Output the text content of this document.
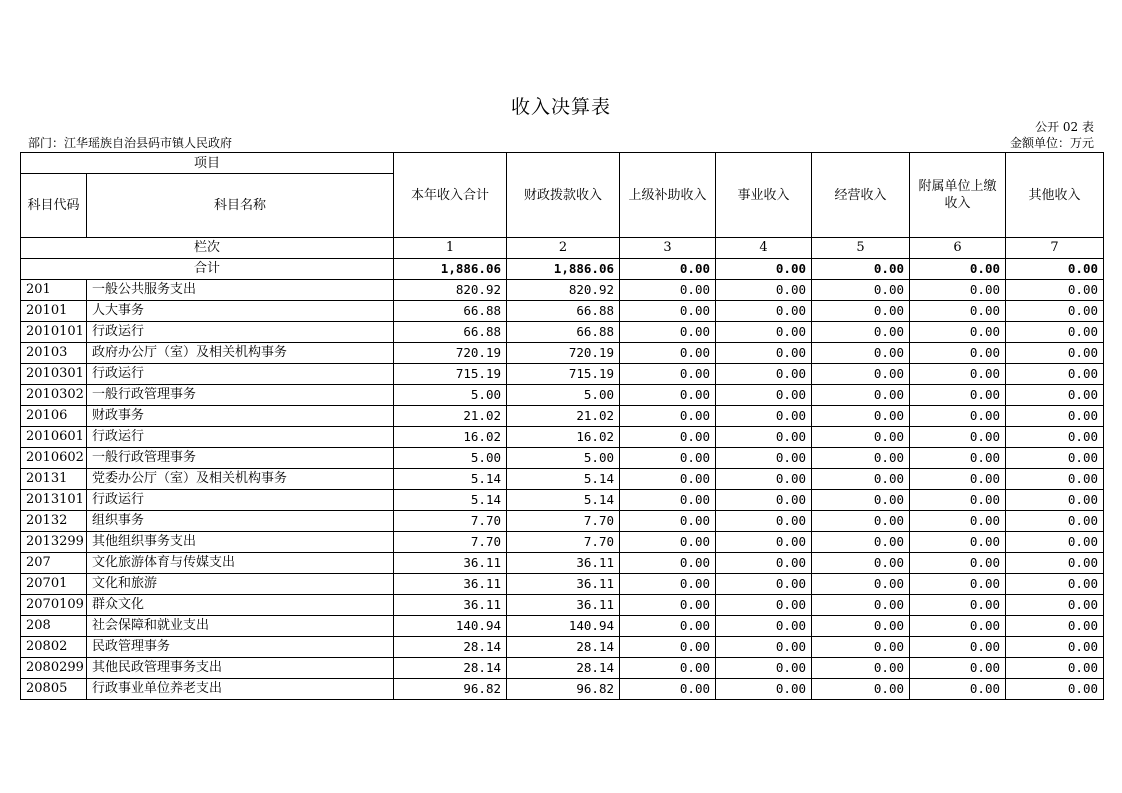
收入决算表
公开 02 表
部门：江华瑶族自治县码市镇人民政府	金额单位：万元
项目		本年收入合计	财政拨款收入	上级补助收入	事业收入	经营收入	附属单位上缴收入	其他收入
科目代码	科目名称							
栏次		1	2	3	4	5	6	7
合计		1,886.06	1,886.06	0.00	0.00	0.00	0.00	0.00
201	一般公共服务支出	820.92	820.92	0.00	0.00	0.00	0.00	0.00
20101	人大事务	66.88	66.88	0.00	0.00	0.00	0.00	0.00
2010101	行政运行	66.88	66.88	0.00	0.00	0.00	0.00	0.00
20103	政府办公厅（室）及相关机构事务	720.19	720.19	0.00	0.00	0.00	0.00	0.00
2010301	行政运行	715.19	715.19	0.00	0.00	0.00	0.00	0.00
2010302	一般行政管理事务	5.00	5.00	0.00	0.00	0.00	0.00	0.00
20106	财政事务	21.02	21.02	0.00	0.00	0.00	0.00	0.00
2010601	行政运行	16.02	16.02	0.00	0.00	0.00	0.00	0.00
2010602	一般行政管理事务	5.00	5.00	0.00	0.00	0.00	0.00	0.00
20131	党委办公厅（室）及相关机构事务	5.14	5.14	0.00	0.00	0.00	0.00	0.00
2013101	行政运行	5.14	5.14	0.00	0.00	0.00	0.00	0.00
20132	组织事务	7.70	7.70	0.00	0.00	0.00	0.00	0.00
2013299	其他组织事务支出	7.70	7.70	0.00	0.00	0.00	0.00	0.00
207	文化旅游体育与传媒支出	36.11	36.11	0.00	0.00	0.00	0.00	0.00
20701	文化和旅游	36.11	36.11	0.00	0.00	0.00	0.00	0.00
2070109	群众文化	36.11	36.11	0.00	0.00	0.00	0.00	0.00
208	社会保障和就业支出	140.94	140.94	0.00	0.00	0.00	0.00	0.00
20802	民政管理事务	28.14	28.14	0.00	0.00	0.00	0.00	0.00
2080299	其他民政管理事务支出	28.14	28.14	0.00	0.00	0.00	0.00	0.00
20805	行政事业单位养老支出	96.82	96.82	0.00	0.00	0.00	0.00	0.00
